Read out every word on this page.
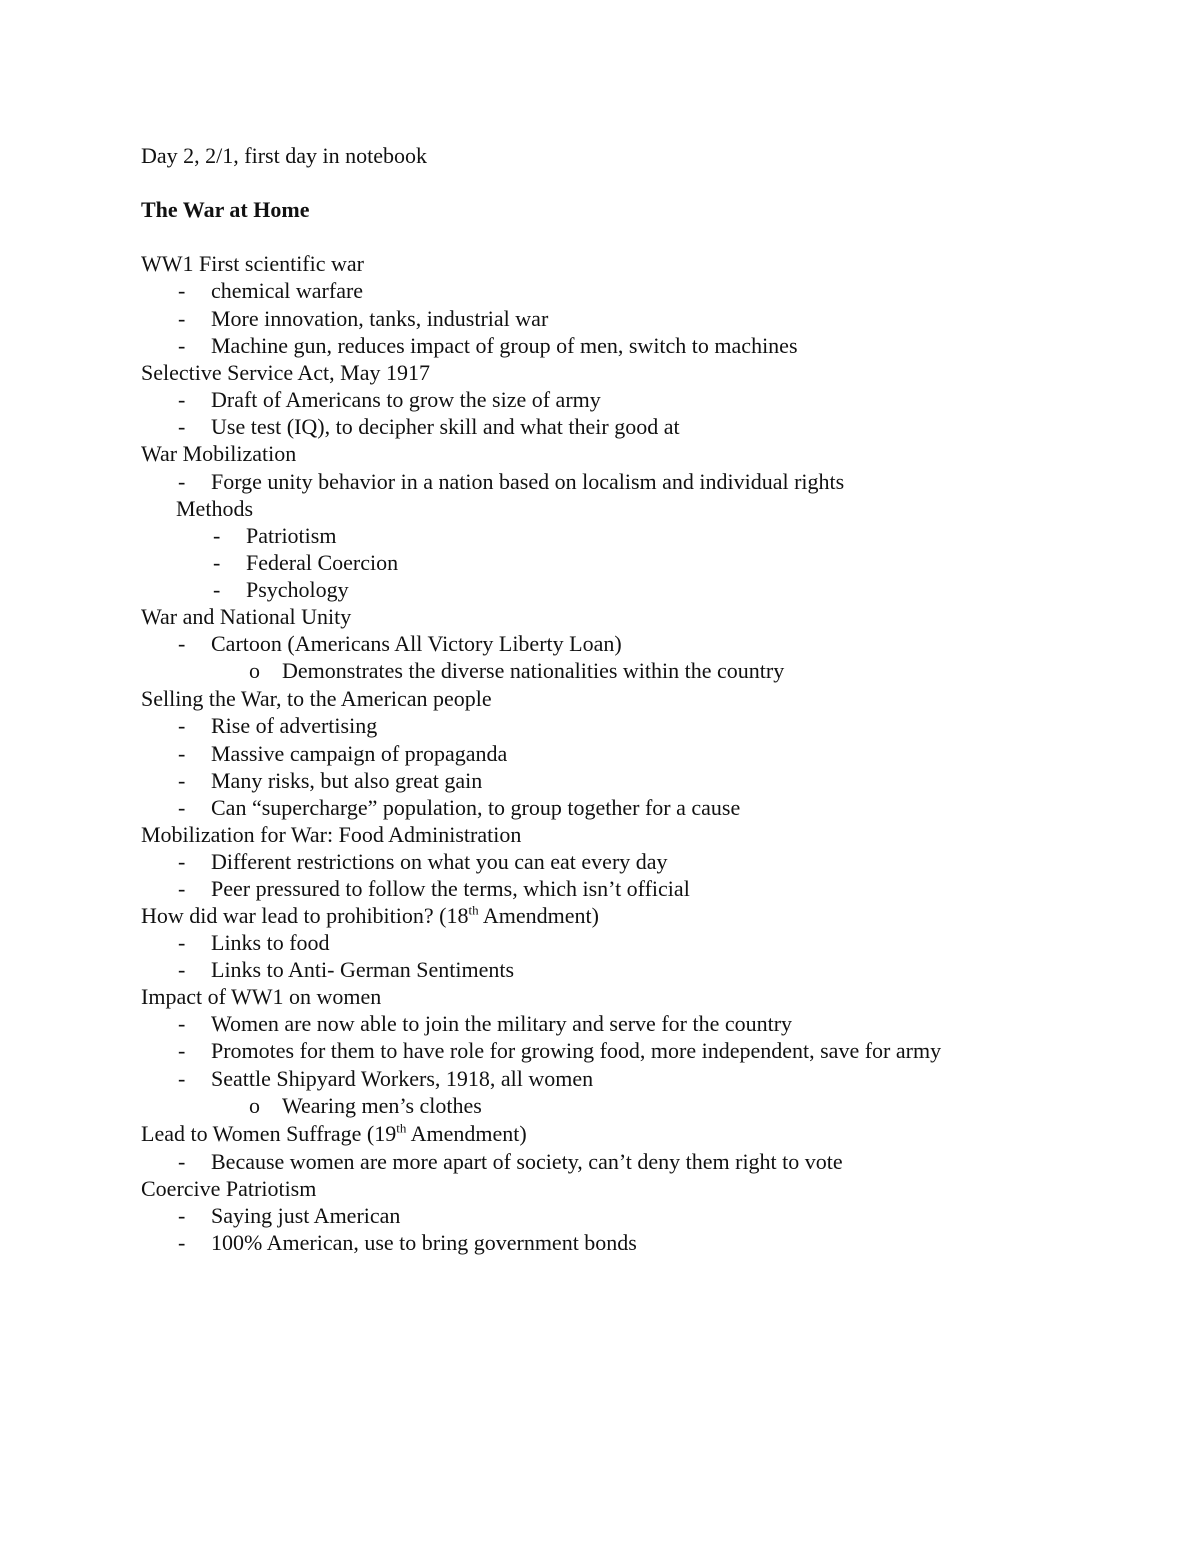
Day 2, 2/1, first day in notebook
The War at Home
WW1 First scientific war
- chemical warfare
- More innovation, tanks, industrial war
- Machine gun, reduces impact of group of men, switch to machines
Selective Service Act, May 1917
- Draft of Americans to grow the size of army
- Use test (IQ), to decipher skill and what their good at
War Mobilization
- Forge unity behavior in a nation based on localism and individual rights
Methods
- Patriotism
- Federal Coercion
- Psychology
War and National Unity
- Cartoon (Americans All Victory Liberty Loan)
o Demonstrates the diverse nationalities within the country
Selling the War, to the American people
- Rise of advertising
- Massive campaign of propaganda
- Many risks, but also great gain
- Can “supercharge” population, to group together for a cause
Mobilization for War: Food Administration
- Different restrictions on what you can eat every day
- Peer pressured to follow the terms, which isn’t official
How did war lead to prohibition? (18th Amendment)
- Links to food
- Links to Anti- German Sentiments
Impact of WW1 on women
- Women are now able to join the military and serve for the country
- Promotes for them to have role for growing food, more independent, save for army
- Seattle Shipyard Workers, 1918, all women
o Wearing men’s clothes
Lead to Women Suffrage (19th Amendment)
- Because women are more apart of society, can’t deny them right to vote
Coercive Patriotism
- Saying just American
- 100% American, use to bring government bonds
